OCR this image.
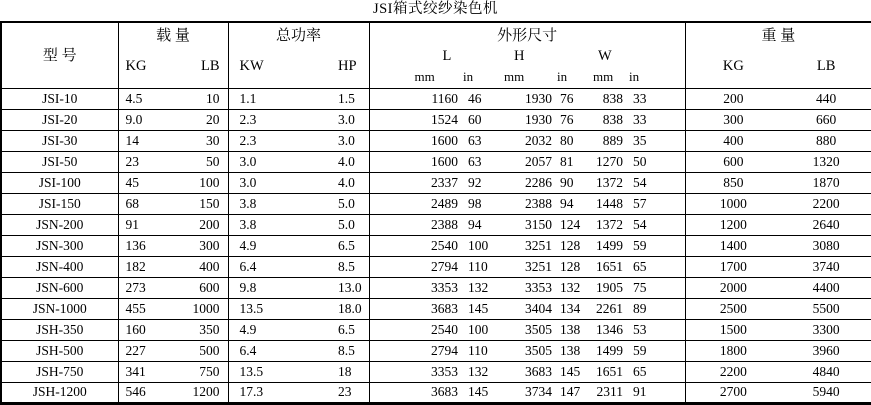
JSI箱式绞纱染色机
型 号	载 量		总功率		外形尺寸						重 量	
	KG	LB	KW	HP	L		H		W		KG	LB
					mm	in	mm	in	mm	in		
JSI-10	4.5	10	1.1	1.5	1160	46	1930	76	838	33	200	440
JSI-20	9.0	20	2.3	3.0	1524	60	1930	76	838	33	300	660
JSI-30	14	30	2.3	3.0	1600	63	2032	80	889	35	400	880
JSI-50	23	50	3.0	4.0	1600	63	2057	81	1270	50	600	1320
JSI-100	45	100	3.0	4.0	2337	92	2286	90	1372	54	850	1870
JSI-150	68	150	3.8	5.0	2489	98	2388	94	1448	57	1000	2200
JSN-200	91	200	3.8	5.0	2388	94	3150	124	1372	54	1200	2640
JSN-300	136	300	4.9	6.5	2540	100	3251	128	1499	59	1400	3080
JSN-400	182	400	6.4	8.5	2794	110	3251	128	1651	65	1700	3740
JSN-600	273	600	9.8	13.0	3353	132	3353	132	1905	75	2000	4400
JSN-1000	455	1000	13.5	18.0	3683	145	3404	134	2261	89	2500	5500
JSH-350	160	350	4.9	6.5	2540	100	3505	138	1346	53	1500	3300
JSH-500	227	500	6.4	8.5	2794	110	3505	138	1499	59	1800	3960
JSH-750	341	750	13.5	18	3353	132	3683	145	1651	65	2200	4840
JSH-1200	546	1200	17.3	23	3683	145	3734	147	2311	91	2700	5940
